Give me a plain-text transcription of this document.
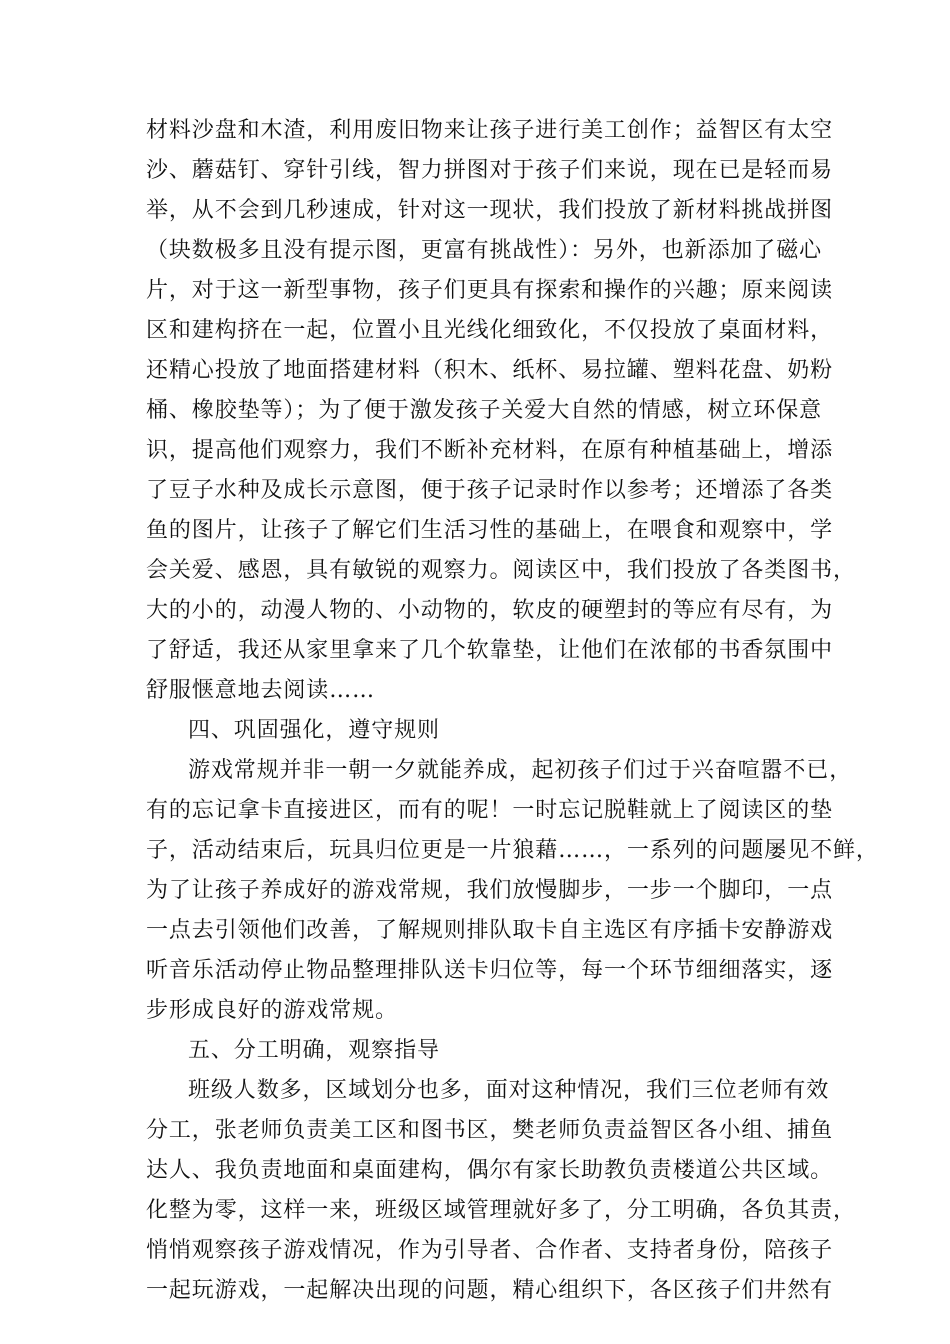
材料沙盘和木渣，利用废旧物来让孩子进行美工创作；益智区有太空
沙、蘑菇钉、穿针引线，智力拼图对于孩子们来说，现在已是轻而易
举，从不会到几秒速成，针对这一现状，我们投放了新材料挑战拼图
（块数极多且没有提示图，更富有挑战性）：另外，也新添加了磁心
片，对于这一新型事物，孩子们更具有探索和操作的兴趣；原来阅读
区和建构挤在一起，位置小且光线化细致化，不仅投放了桌面材料，
还精心投放了地面搭建材料（积木、纸杯、易拉罐、塑料花盘、奶粉
桶、橡胶垫等）；为了便于激发孩子关爱大自然的情感，树立环保意
识，提高他们观察力，我们不断补充材料，在原有种植基础上，增添
了豆子水种及成长示意图，便于孩子记录时作以参考；还增添了各类
鱼的图片，让孩子了解它们生活习性的基础上，在喂食和观察中，学
会关爱、感恩，具有敏锐的观察力。阅读区中，我们投放了各类图书，
大的小的，动漫人物的、小动物的，软皮的硬塑封的等应有尽有，为
了舒适，我还从家里拿来了几个软靠垫，让他们在浓郁的书香氛围中
舒服惬意地去阅读……
四、巩固强化，遵守规则
游戏常规并非一朝一夕就能养成，起初孩子们过于兴奋喧嚣不已，
有的忘记拿卡直接进区，而有的呢！一时忘记脱鞋就上了阅读区的垫
子，活动结束后，玩具归位更是一片狼藉……，一系列的问题屡见不鲜，
为了让孩子养成好的游戏常规，我们放慢脚步，一步一个脚印，一点
一点去引领他们改善，了解规则排队取卡自主选区有序插卡安静游戏
听音乐活动停止物品整理排队送卡归位等，每一个环节细细落实，逐
步形成良好的游戏常规。
五、分工明确，观察指导
班级人数多，区域划分也多，面对这种情况，我们三位老师有效
分工，张老师负责美工区和图书区，樊老师负责益智区各小组、捕鱼
达人、我负责地面和桌面建构，偶尔有家长助教负责楼道公共区域。
化整为零，这样一来，班级区域管理就好多了，分工明确，各负其责，
悄悄观察孩子游戏情况，作为引导者、合作者、支持者身份，陪孩子
一起玩游戏，一起解决出现的问题，精心组织下，各区孩子们井然有
